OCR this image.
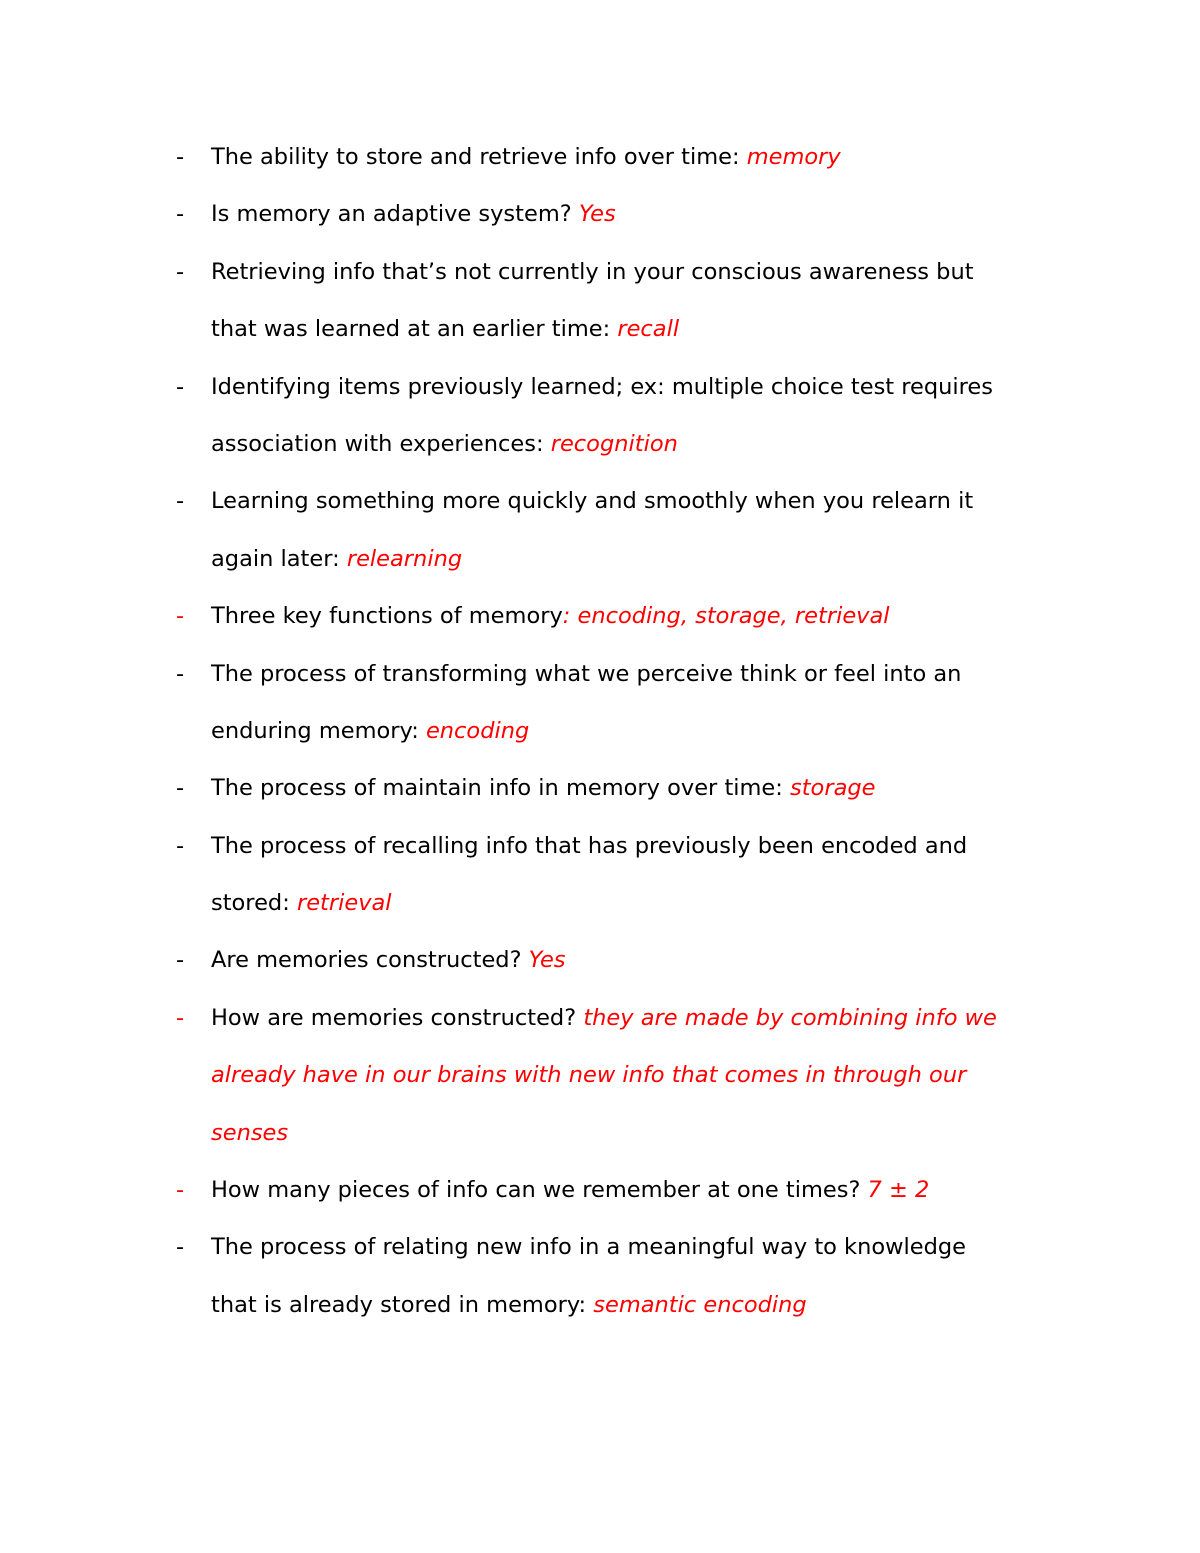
- The ability to store and retrieve info over time: memory
- Is memory an adaptive system? Yes
- Retrieving info that’s not currently in your conscious awareness but
that was learned at an earlier time: recall
- Identifying items previously learned; ex: multiple choice test requires
association with experiences: recognition
- Learning something more quickly and smoothly when you relearn it
again later: relearning
- Three key functions of memory: encoding, storage, retrieval
- The process of transforming what we perceive think or feel into an
enduring memory: encoding
- The process of maintain info in memory over time: storage
- The process of recalling info that has previously been encoded and
stored: retrieval
- Are memories constructed? Yes
- How are memories constructed? they are made by combining info we
already have in our brains with new info that comes in through our
senses
- How many pieces of info can we remember at one times? 7 ± 2
- The process of relating new info in a meaningful way to knowledge
that is already stored in memory: semantic encoding
